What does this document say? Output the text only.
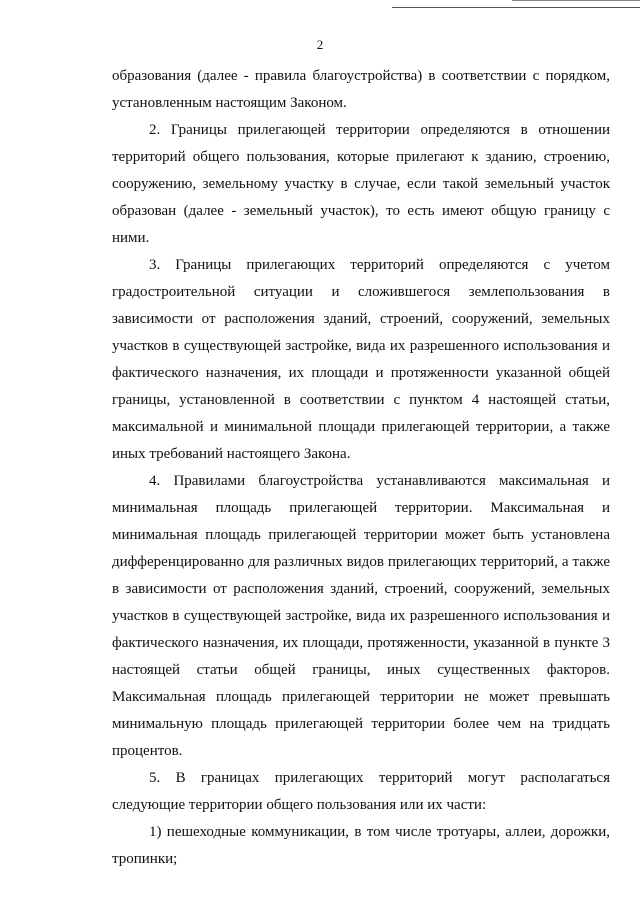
2

образования (далее - правила благоустройства) в соответствии с порядком, установленным настоящим Законом.

2. Границы прилегающей территории определяются в отношении территорий общего пользования, которые прилегают к зданию, строению, сооружению, земельному участку в случае, если такой земельный участок образован (далее - земельный участок), то есть имеют общую границу с ними.

3. Границы прилегающих территорий определяются с учетом градостроительной ситуации и сложившегося землепользования в зависимости от расположения зданий, строений, сооружений, земельных участков в существующей застройке, вида их разрешенного использования и фактического назначения, их площади и протяженности указанной общей границы, установленной в соответствии с пунктом 4 настоящей статьи, максимальной и минимальной площади прилегающей территории, а также иных требований настоящего Закона.

4. Правилами благоустройства устанавливаются максимальная и минимальная площадь прилегающей территории. Максимальная и минимальная площадь прилегающей территории может быть установлена дифференцированно для различных видов прилегающих территорий, а также в зависимости от расположения зданий, строений, сооружений, земельных участков в существующей застройке, вида их разрешенного использования и фактического назначения, их площади, протяженности, указанной в пункте 3 настоящей статьи общей границы, иных существенных факторов. Максимальная площадь прилегающей территории не может превышать минимальную площадь прилегающей территории более чем на тридцать процентов.

5. В границах прилегающих территорий могут располагаться следующие территории общего пользования или их части:

1) пешеходные коммуникации, в том числе тротуары, аллеи, дорожки, тропинки;
